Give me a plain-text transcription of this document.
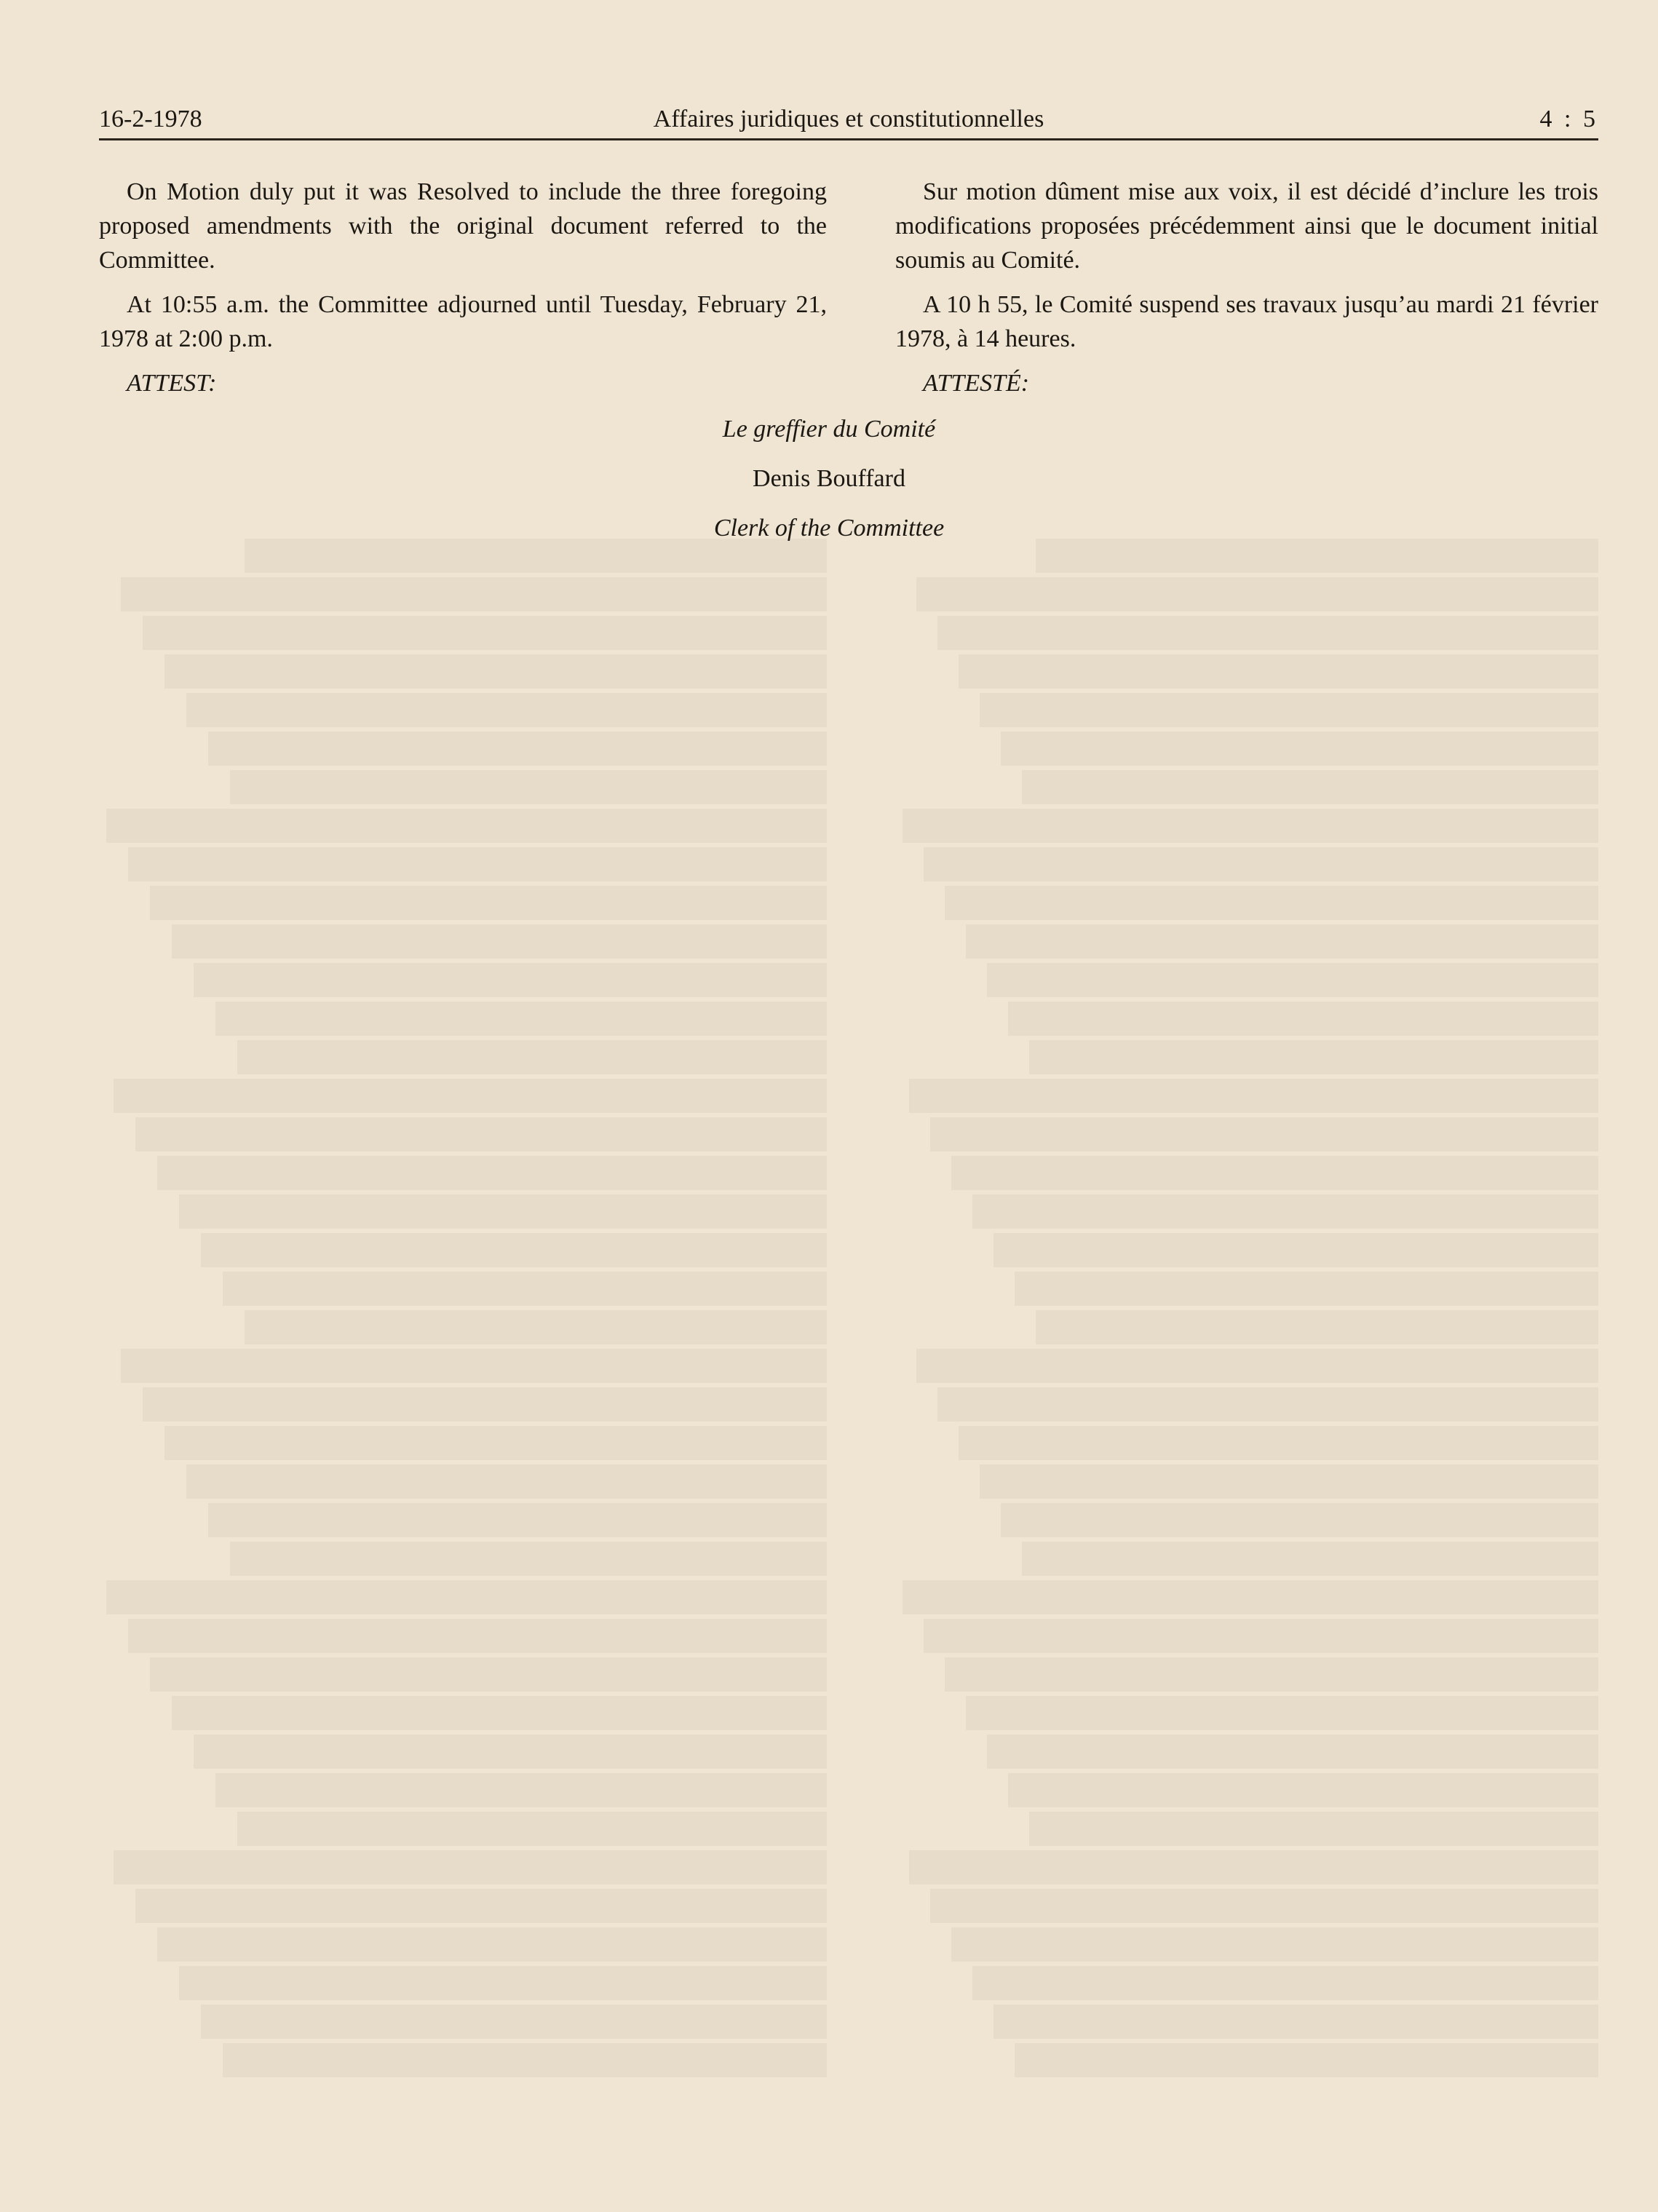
16-2-1978	Affaires juridiques et constitutionnelles	4 : 5

On Motion duly put it was Resolved to include the three foregoing proposed amendments with the original document referred to the Committee.

At 10:55 a.m. the Committee adjourned until Tuesday, February 21, 1978 at 2:00 p.m.

ATTEST:

Sur motion dûment mise aux voix, il est décidé d’inclure les trois modifications proposées précédemment ainsi que le document initial soumis au Comité.

A 10 h 55, le Comité suspend ses travaux jusqu’au mardi 21 février 1978, à 14 heures.

ATTESTÉ:

Le greffier du Comité
Denis Bouffard
Clerk of the Committee
